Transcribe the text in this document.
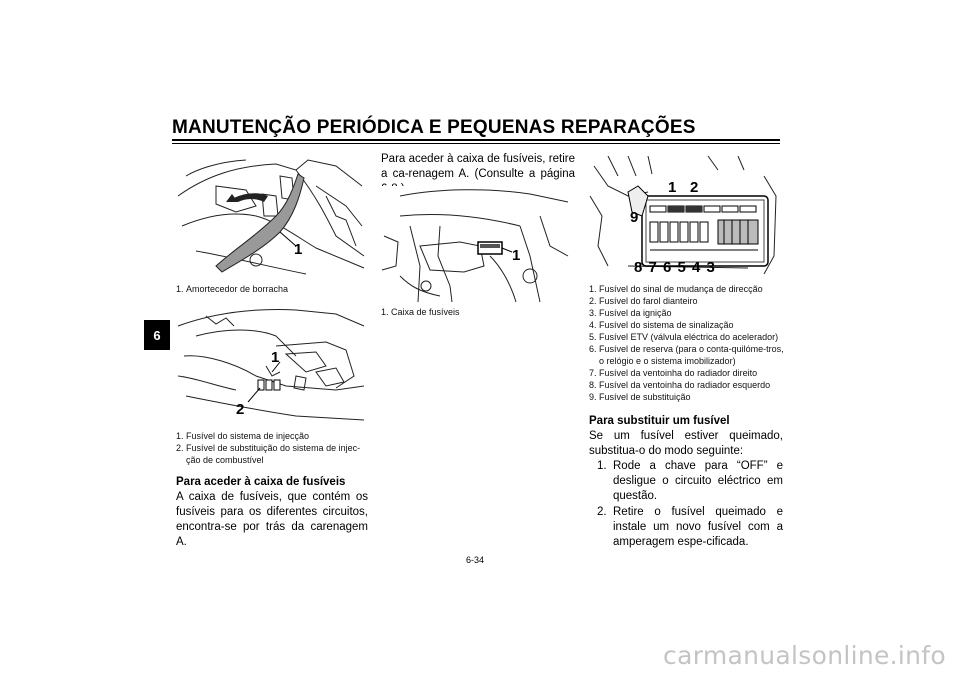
MANUTENÇÃO PERIÓDICA E PEQUENAS REPARAÇÕES
6
1
1. Amortecedor de borracha
1
2
1. Fusível do sistema de injecção
2. Fusível de substituição do sistema de injec-ção de combustível
Para aceder à caixa de fusíveis
A caixa de fusíveis, que contém os fusíveis para os diferentes circuitos, encontra-se por trás da carenagem A.
Para aceder à caixa de fusíveis, retire a ca-renagem A. (Consulte a página
1
1. Caixa de fusíveis
1 2
9
8 7 6 5 4 3
1. Fusível do sinal de mudança de direcção
2. Fusível do farol dianteiro
3. Fusível da ignição
4. Fusível do sistema de sinalização
5. Fusível ETV (válvula eléctrica do acelerador)
6. Fusível de reserva (para o conta-quilóme-tros, o relógio e o sistema imobilizador)
7. Fusível da ventoinha do radiador direito
8. Fusível da ventoinha do radiador esquerdo
9. Fusível de substituição
Para substituir um fusível
Se um fusível estiver queimado, substitua-o do modo seguinte:
1. Rode a chave para “OFF” e desligue o circuito eléctrico em questão.
2. Retire o fusível queimado e instale um novo fusível com a amperagem espe-cificada.
6-34
carmanualsonline.info
